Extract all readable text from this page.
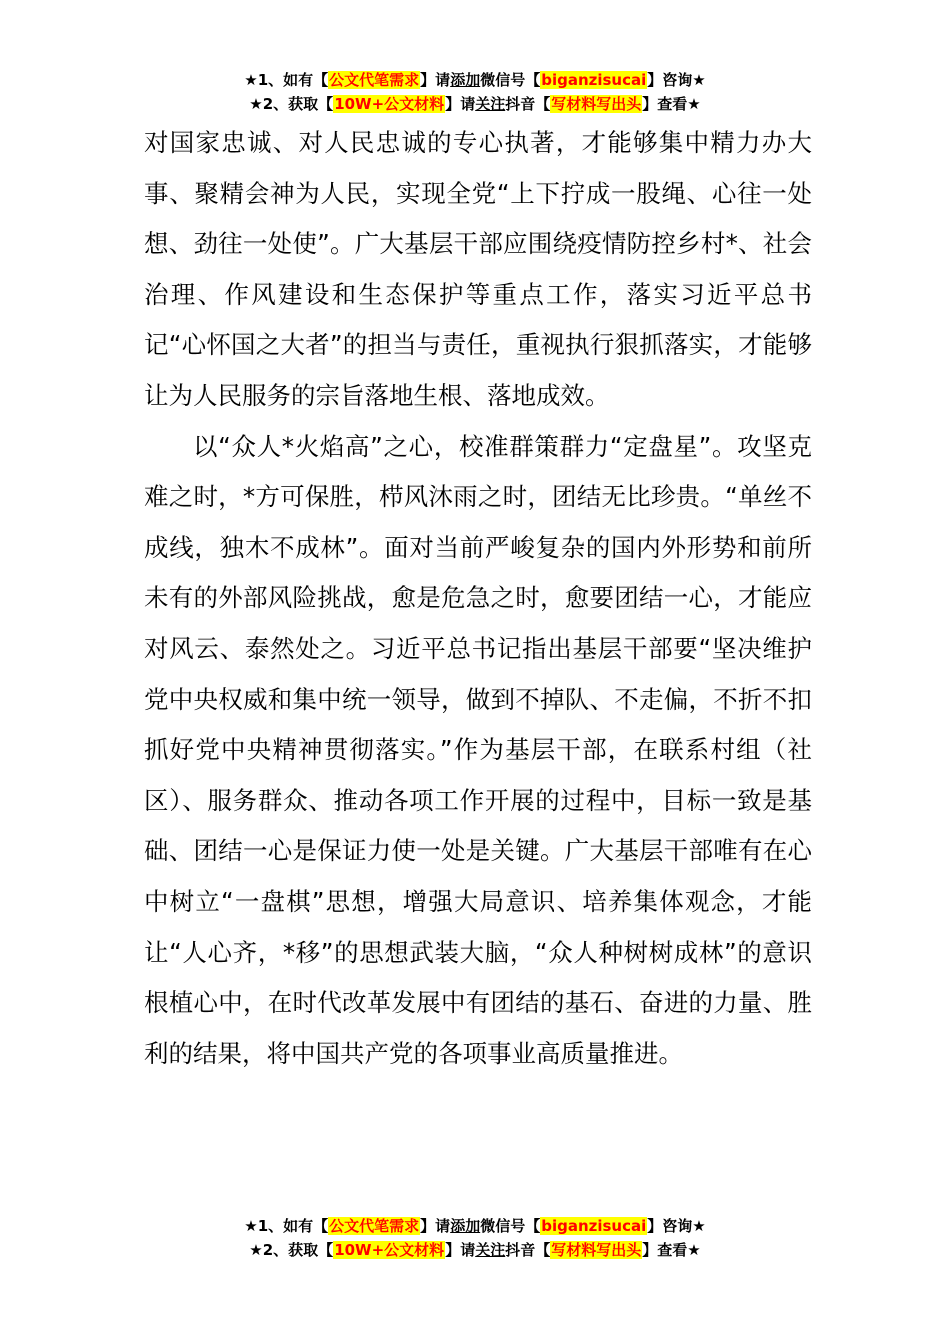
★1、如有【公文代笔需求】请添加微信号【biganzisucai】咨询★
★2、获取【10W+公文材料】请关注抖音【写材料写出头】查看★

对国家忠诚、对人民忠诚的专心执著，才能够集中精力办大事、聚精会神为人民，实现全党“上下拧成一股绳、心往一处想、劲往一处使”。广大基层干部应围绕疫情防控乡村*、社会治理、作风建设和生态保护等重点工作，落实习近平总书记“心怀国之大者”的担当与责任，重视执行狠抓落实，才能够让为人民服务的宗旨落地生根、落地成效。

以“众人*火焰高”之心，校准群策群力“定盘星”。攻坚克难之时，*方可保胜，栉风沐雨之时，团结无比珍贵。“单丝不成线，独木不成林”。面对当前严峻复杂的国内外形势和前所未有的外部风险挑战，愈是危急之时，愈要团结一心，才能应对风云、泰然处之。习近平总书记指出基层干部要“坚决维护党中央权威和集中统一领导，做到不掉队、不走偏，不折不扣抓好党中央精神贯彻落实。”作为基层干部，在联系村组（社区）、服务群众、推动各项工作开展的过程中，目标一致是基础、团结一心是保证力使一处是关键。广大基层干部唯有在心中树立“一盘棋”思想，增强大局意识、培养集体观念，才能让“人心齐，*移”的思想武装大脑，“众人种树树成林”的意识根植心中，在时代改革发展中有团结的基石、奋进的力量、胜利的结果，将中国共产党的各项事业高质量推进。

★1、如有【公文代笔需求】请添加微信号【biganzisucai】咨询★
★2、获取【10W+公文材料】请关注抖音【写材料写出头】查看★
